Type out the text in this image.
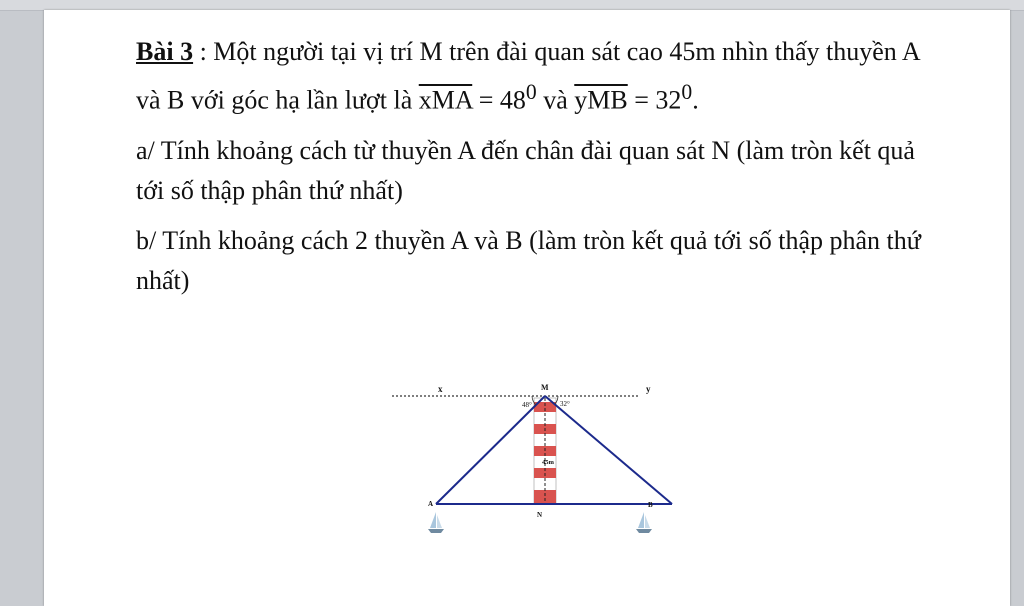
Bài 3 : Một người tại vị trí M trên đài quan sát cao 45m nhìn thấy thuyền A và B với góc hạ lần lượt là $\overline{xMA} = 48^0$ và $\overline{yMB} = 32^0$.

a/ Tính khoảng cách từ thuyền A đến chân đài quan sát N (làm tròn kết quả tới số thập phân thứ nhất)

b/ Tính khoảng cách 2 thuyền A và B (làm tròn kết quả tới số thập phân thứ nhất)

x	M	y
48°	32°
45m
A
N
B
